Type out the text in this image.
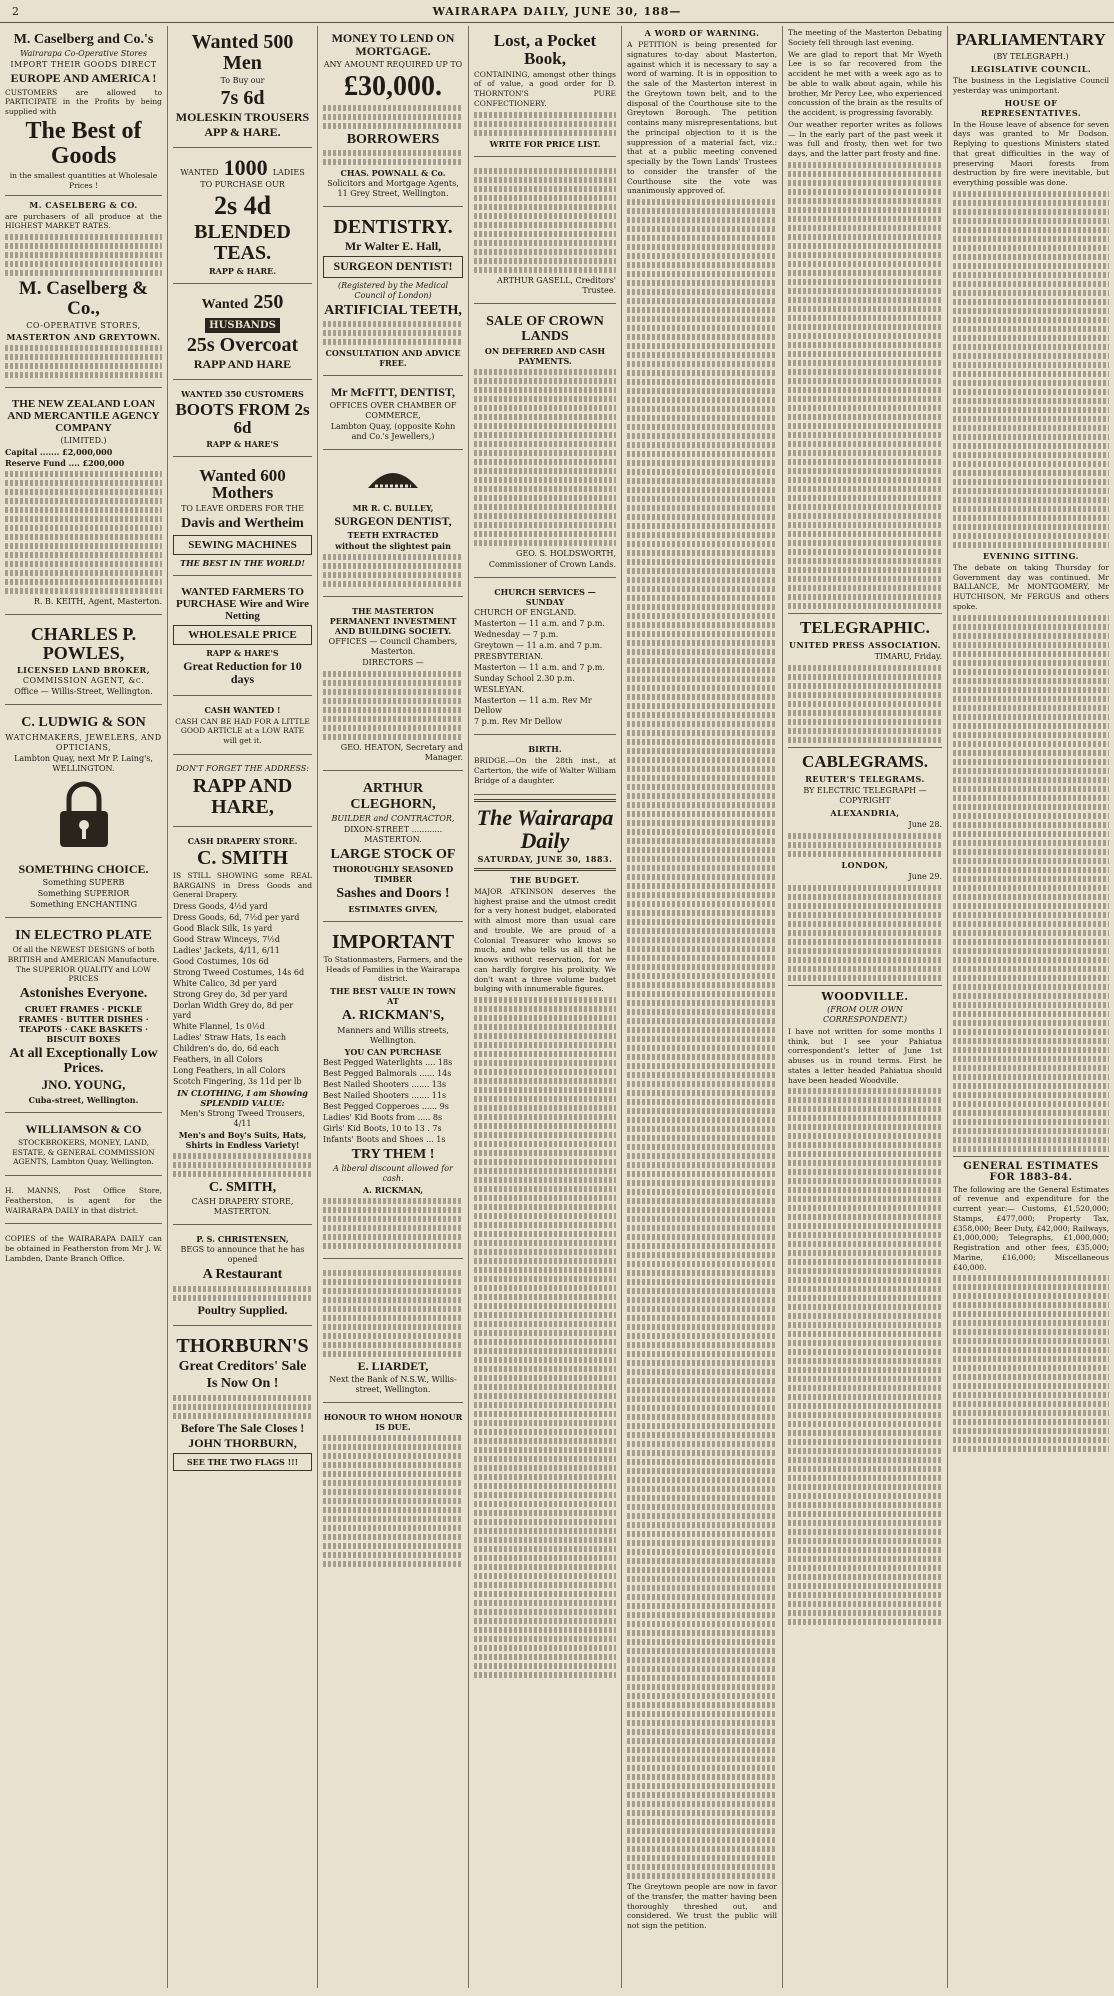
2	WAIRARAPA DAILY, JUNE 30, 188—
M. Caselberg and Co.'s
Wairarapa Co-Operative Stores
IMPORT THEIR GOODS DIRECT
EUROPE AND AMERICA !
CUSTOMERS are allowed to PARTICIPATE in the Profits by being supplied with
The Best of Goods
in the smallest quantities at Wholesale Prices !
M. CASELBERG & CO.
are purchasers of all produce at the HIGHEST MARKET RATES.
M. Caselberg & Co.,
CO-OPERATIVE STORES,
MASTERTON AND GREYTOWN.
THE NEW ZEALAND LOAN AND MERCANTILE AGENCY COMPANY
(LIMITED.)
Capital ....... £2,000,000
Reserve Fund .... £200,000
R. B. KEITH, Agent, Masterton.
CHARLES P. POWLES,
LICENSED LAND BROKER,
COMMISSION AGENT, &c.
Office — Willis-Street, Wellington.
C. LUDWIG & SON
WATCHMAKERS, JEWELERS, AND OPTICIANS,
Lambton Quay, next Mr P. Laing's, WELLINGTON.
SOMETHING CHOICE.
Something SUPERB
Something SUPERIOR
Something ENCHANTING
IN ELECTRO PLATE
Of all the NEWEST DESIGNS of both BRITISH and AMERICAN Manufacture. The SUPERIOR QUALITY and LOW PRICES
Astonishes Everyone.
CRUET FRAMES · PICKLE FRAMES · BUTTER DISHES · TEAPOTS · CAKE BASKETS · BISCUIT BOXES
At all Exceptionally Low Prices.
JNO. YOUNG,
Cuba-street, Wellington.
WILLIAMSON & CO
STOCKBROKERS, MONEY, LAND, ESTATE, & GENERAL COMMISSION AGENTS, Lambton Quay, Wellington.
H. MANNS, Post Office Store, Featherston, is agent for the WAIRARAPA DAILY in that district.
COPIES of the WAIRARAPA DAILY can be obtained in Featherston from Mr J. W. Lambden, Dante Branch Office.
Wanted 500 Men
To Buy our
7s 6d
MOLESKIN TROUSERS
APP & HARE.
WANTED 1000 LADIES
TO PURCHASE OUR
2s 4d
BLENDED TEAS.
RAPP & HARE.
Wanted 250 HUSBANDS
25s Overcoat
RAPP AND HARE
WANTED 350 CUSTOMERS
BOOTS FROM 2s 6d
RAPP & HARE'S
Wanted 600 Mothers
TO LEAVE ORDERS FOR THE
Davis and Wertheim
SEWING MACHINES
THE BEST IN THE WORLD!
WANTED FARMERS TO PURCHASE Wire and Wire Netting
WHOLESALE PRICE
RAPP & HARE'S
Great Reduction for 10 days
CASH WANTED !
CASH CAN BE HAD FOR A LITTLE GOOD ARTICLE at a LOW RATE will get it.
DON'T FORGET THE ADDRESS:
RAPP AND HARE,
CASH DRAPERY STORE.
C. SMITH
IS STILL SHOWING some REAL BARGAINS in Dress Goods and General Drapery.
Dress Goods, 4½d yard
Dress Goods, 6d, 7½d per yard
Good Black Silk, 1s yard
Good Straw Winceys, 7½d
Ladies' Jackets, 4/11, 6/11
Good Costumes, 10s 6d
Strong Tweed Costumes, 14s 6d
White Calico, 3d per yard
Strong Grey do, 3d per yard
Dorlan Width Grey do, 8d per yard
White Flannel, 1s 0½d
Ladies' Straw Hats, 1s each
Children's do, do, 6d each
Feathers, in all Colors
Long Feathers, in all Colors
Scotch Fingering, 3s 11d per lb
IN CLOTHING, I am Showing SPLENDID VALUE:
Men's Strong Tweed Trousers, 4/11
Men's and Boy's Suits, Hats, Shirts in Endless Variety!
C. SMITH,
CASH DRAPERY STORE, MASTERTON.
P. S. CHRISTENSEN,
BEGS to announce that he has opened
A Restaurant
Poultry Supplied.
THORBURN'S
Great Creditors' Sale
Is Now On !
Before The Sale Closes !
JOHN THORBURN,
SEE THE TWO FLAGS !!!
MONEY TO LEND ON MORTGAGE.
ANY AMOUNT REQUIRED UP TO
£30,000.
BORROWERS
CHAS. POWNALL & Co.
Solicitors and Mortgage Agents, 11 Grey Street, Wellington.
DENTISTRY.
Mr Walter E. Hall,
SURGEON DENTIST!
(Registered by the Medical Council of London)
ARTIFICIAL TEETH,
CONSULTATION AND ADVICE FREE.
Mr McFITT, DENTIST,
OFFICES OVER CHAMBER OF COMMERCE,
Lambton Quay, (opposite Kohn and Co.'s Jewellers,)
MR R. C. BULLEY,
SURGEON DENTIST,
TEETH EXTRACTED
without the slightest pain
THE MASTERTON PERMANENT INVESTMENT AND BUILDING SOCIETY.
OFFICES — Council Chambers, Masterton.
DIRECTORS —
GEO. HEATON, Secretary and Manager.
ARTHUR CLEGHORN,
BUILDER and CONTRACTOR,
DIXON-STREET ............ MASTERTON.
LARGE STOCK OF
THOROUGHLY SEASONED TIMBER
Sashes and Doors !
ESTIMATES GIVEN,
IMPORTANT
To Stationmasters, Farmers, and the Heads of Families in the Wairarapa district.
THE BEST VALUE IN TOWN AT
A. RICKMAN'S,
Manners and Willis streets, Wellington.
YOU CAN PURCHASE
Best Pegged Waterlights .... 18s
Best Pegged Balmorals ...... 14s
Best Nailed Shooters ....... 13s
Best Nailed Shooters ....... 11s
Best Pegged Copperoes ...... 9s
Ladies' Kid Boots from ..... 8s
Girls' Kid Boots, 10 to 13 . 7s
Infants' Boots and Shoes ... 1s
TRY THEM !
A liberal discount allowed for cash.
A. RICKMAN,
E. LIARDET,
Next the Bank of N.S.W., Willis-street, Wellington.
HONOUR TO WHOM HONOUR IS DUE.
Lost, a Pocket Book,
CONTAINING, amongst other things of of value, a good order for D. THORNTON'S PURE CONFECTIONERY.
WRITE FOR PRICE LIST.
ARTHUR GASELL, Creditors' Trustee.
SALE OF CROWN LANDS
ON DEFERRED AND CASH PAYMENTS.
GEO. S. HOLDSWORTH,
Commissioner of Crown Lands.
CHURCH SERVICES — SUNDAY
CHURCH OF ENGLAND.
Masterton — 11 a.m. and 7 p.m.
Wednesday — 7 p.m.
Greytown — 11 a.m. and 7 p.m.
PRESBYTERIAN.
Masterton — 11 a.m. and 7 p.m.
Sunday School 2.30 p.m.
WESLEYAN.
Masterton — 11 a.m. Rev Mr Dellow
7 p.m. Rev Mr Dellow
BIRTH.
BRIDGE.—On the 28th inst., at Carterton, the wife of Walter William Bridge of a daughter.
The Wairarapa Daily
SATURDAY, JUNE 30, 1883.
THE BUDGET.
MAJOR ATKINSON deserves the highest praise and the utmost credit for a very honest budget, elaborated with almost more than usual care and trouble. We are proud of a Colonial Treasurer who knows so much, and who tells us all that he knows without reservation, for we can hardly forgive his prolixity. We don't want a three volume budget bulging with innumerable figures.
A WORD OF WARNING.
A PETITION is being presented for signatures to-day about Masterton, against which it is necessary to say a word of warning. It is in opposition to the sale of the Masterton interest in the Greytown town belt, and to the disposal of the Courthouse site to the Greytown Borough. The petition contains many misrepresentations, but the principal objection to it is the suppression of a material fact, viz.: that at a public meeting convened specially by the Town Lands' Trustees to consider the transfer of the Courthouse site the vote was unanimously approved of.
The Greytown people are now in favor of the transfer, the matter having been thoroughly threshed out, and considered. We trust the public will not sign the petition.
The meeting of the Masterton Debating Society fell through last evening.
We are glad to report that Mr Wyeth Lee is so far recovered from the accident he met with a week ago as to be able to walk about again, while his brother, Mr Percy Lee, who experienced concussion of the brain as the results of the accident, is progressing favorably.
Our weather reporter writes as follows — In the early part of the past week it was full and frosty, then wet for two days, and the latter part frosty and fine.
TELEGRAPHIC.
UNITED PRESS ASSOCIATION.
TIMARU, Friday.
CABLEGRAMS.
REUTER'S TELEGRAMS.
BY ELECTRIC TELEGRAPH — COPYRIGHT
ALEXANDRIA,
June 28.
LONDON,
June 29.
WOODVILLE.
(FROM OUR OWN CORRESPONDENT.)
I have not written for some months I think, but I see your Pahiatua correspondent's letter of June 1st abuses us in round terms. First he states a letter headed Pahiatua should have been headed Woodville.
PARLIAMENTARY
(BY TELEGRAPH.)
LEGISLATIVE COUNCIL.
The business in the Legislative Council yesterday was unimportant.
HOUSE OF REPRESENTATIVES.
In the House leave of absence for seven days was granted to Mr Dodson. Replying to questions Ministers stated that great difficulties in the way of preserving Maori forests from destruction by fire were inevitable, but everything possible was done.
EVENING SITTING.
The debate on taking Thursday for Government day was continued. Mr BALLANCE, Mr MONTGOMERY, Mr HUTCHISON, Mr FERGUS and others spoke.
GENERAL ESTIMATES FOR 1883-84.
The following are the General Estimates of revenue and expenditure for the current year:— Customs, £1,520,000; Stamps, £477,000; Property Tax, £358,000; Beer Duty, £42,000; Railways, £1,000,000; Telegraphs, £1,000,000; Registration and other fees, £35,000; Marine, £16,000; Miscellaneous £40,000.
